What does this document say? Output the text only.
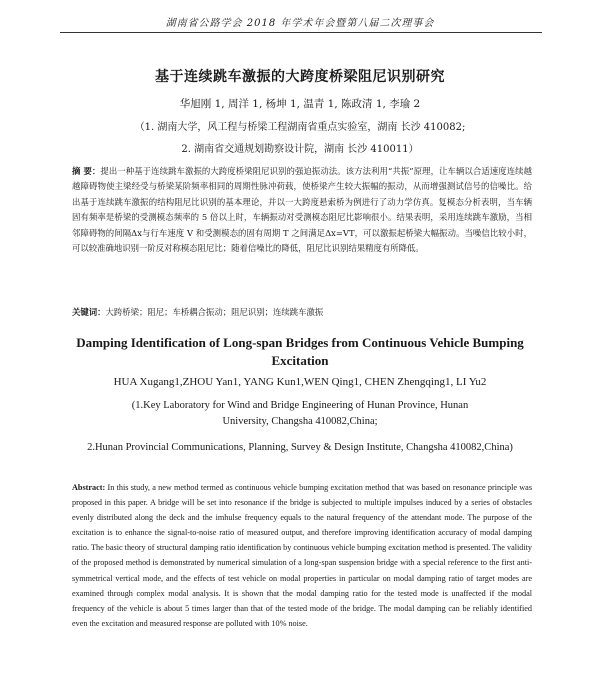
湖南省公路学会 2018 年学术年会暨第八届二次理事会
基于连续跳车激振的大跨度桥梁阻尼识别研究
华旭刚 1, 周洋 1, 杨坤 1, 温青 1, 陈政清 1, 李瑜 2
（1. 湖南大学，风工程与桥梁工程湖南省重点实验室，湖南 长沙 410082;
2. 湖南省交通规划勘察设计院，湖南 长沙 410011）
摘 要：提出一种基于连续跳车激振的大跨度桥梁阻尼识别的强迫振动法。该方法利用“共振”原理，让车辆以合适速度连续越越障碍物使主梁经受与桥梁某阶频率相同的周期性脉冲荷载，使桥梁产生较大振幅的振动，从而增强测试信号的信噪比。给出基于连续跳车激振的结构阻尼比识别的基本理论，并以一大跨度悬索桥为例进行了动力学仿真。复模态分析表明，当车辆固有频率是桥梁的受测模态频率的 5 倍以上时，车辆振动对受测模态阻尼比影响很小。结果表明，采用连续跳车激励，当相邻障碍物的间隔Δx与行车速度 V 和受测模态的固有周期 T 之间满足Δx=VT，可以激振起桥梁大幅振动。当噪信比较小时，可以较准确地识别一阶反对称模态阻尼比；随着信噪比的降低，阻尼比识别结果精度有所降低。
关键词：大跨桥梁；阻尼；车桥耦合振动；阻尼识别；连续跳车激振
Damping Identification of Long-span Bridges from Continuous Vehicle Bumping Excitation
HUA Xugang1,ZHOU Yan1, YANG Kun1,WEN Qing1, CHEN Zhengqing1, LI Yu2
(1.Key Laboratory for Wind and Bridge Engineering of Hunan Province, Hunan University, Changsha 410082,China;
2.Hunan Provincial Communications, Planning, Survey & Design Institute, Changsha 410082,China)
Abstract: In this study, a new method termed as continuous vehicle bumping excitation method that was based on resonance principle was proposed in this paper. A bridge will be set into resonance if the bridge is subjected to multiple impulses induced by a series of obstacles evenly distributed along the deck and the imhulse frequency equals to the natural frequency of the attendant mode. The purpose of the excitation is to enhance the signal-to-noise ratio of measured output, and therefore improving identification accuracy of modal damping ratio. The basic theory of structural damping ratio identification by continuous vehicle bumping excitation method is presented. The validity of the proposed method is demonstrated by numerical simulation of a long-span suspension bridge with a special reference to the first anti-symmetrical vertical mode, and the effects of test vehicle on modal properties in particular on modal damping ratio of target modes are examined through complex modal analysis. It is shown that the modal damping ratio for the tested mode is unaffected if the modal frequency of the vehicle is about 5 times larger than that of the tested mode of the bridge. The modal damping can be reliably identified even the excitation and measured response are polluted with 10% noise.
